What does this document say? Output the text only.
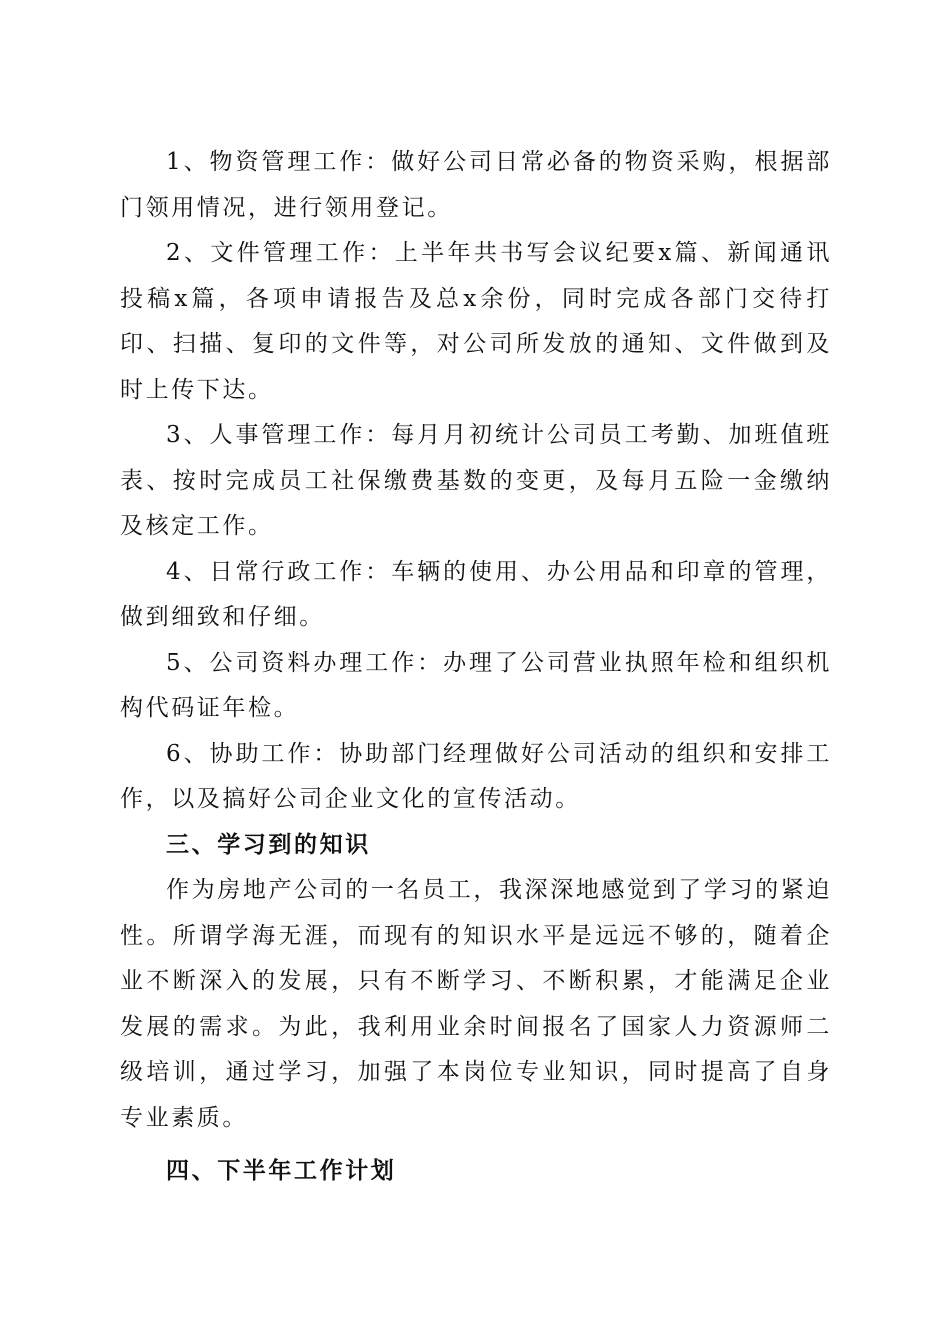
1、物资管理工作：做好公司日常必备的物资采购，根据部门领用情况，进行领用登记。

2、文件管理工作：上半年共书写会议纪要x篇、新闻通讯投稿x篇，各项申请报告及总x余份，同时完成各部门交待打印、扫描、复印的文件等，对公司所发放的通知、文件做到及时上传下达。

3、人事管理工作：每月月初统计公司员工考勤、加班值班表、按时完成员工社保缴费基数的变更，及每月五险一金缴纳及核定工作。

4、日常行政工作：车辆的使用、办公用品和印章的管理，做到细致和仔细。

5、公司资料办理工作：办理了公司营业执照年检和组织机构代码证年检。

6、协助工作：协助部门经理做好公司活动的组织和安排工作，以及搞好公司企业文化的宣传活动。

三、学习到的知识

作为房地产公司的一名员工，我深深地感觉到了学习的紧迫性。所谓学海无涯，而现有的知识水平是远远不够的，随着企业不断深入的发展，只有不断学习、不断积累，才能满足企业发展的需求。为此，我利用业余时间报名了国家人力资源师二级培训，通过学习，加强了本岗位专业知识，同时提高了自身专业素质。

四、下半年工作计划
